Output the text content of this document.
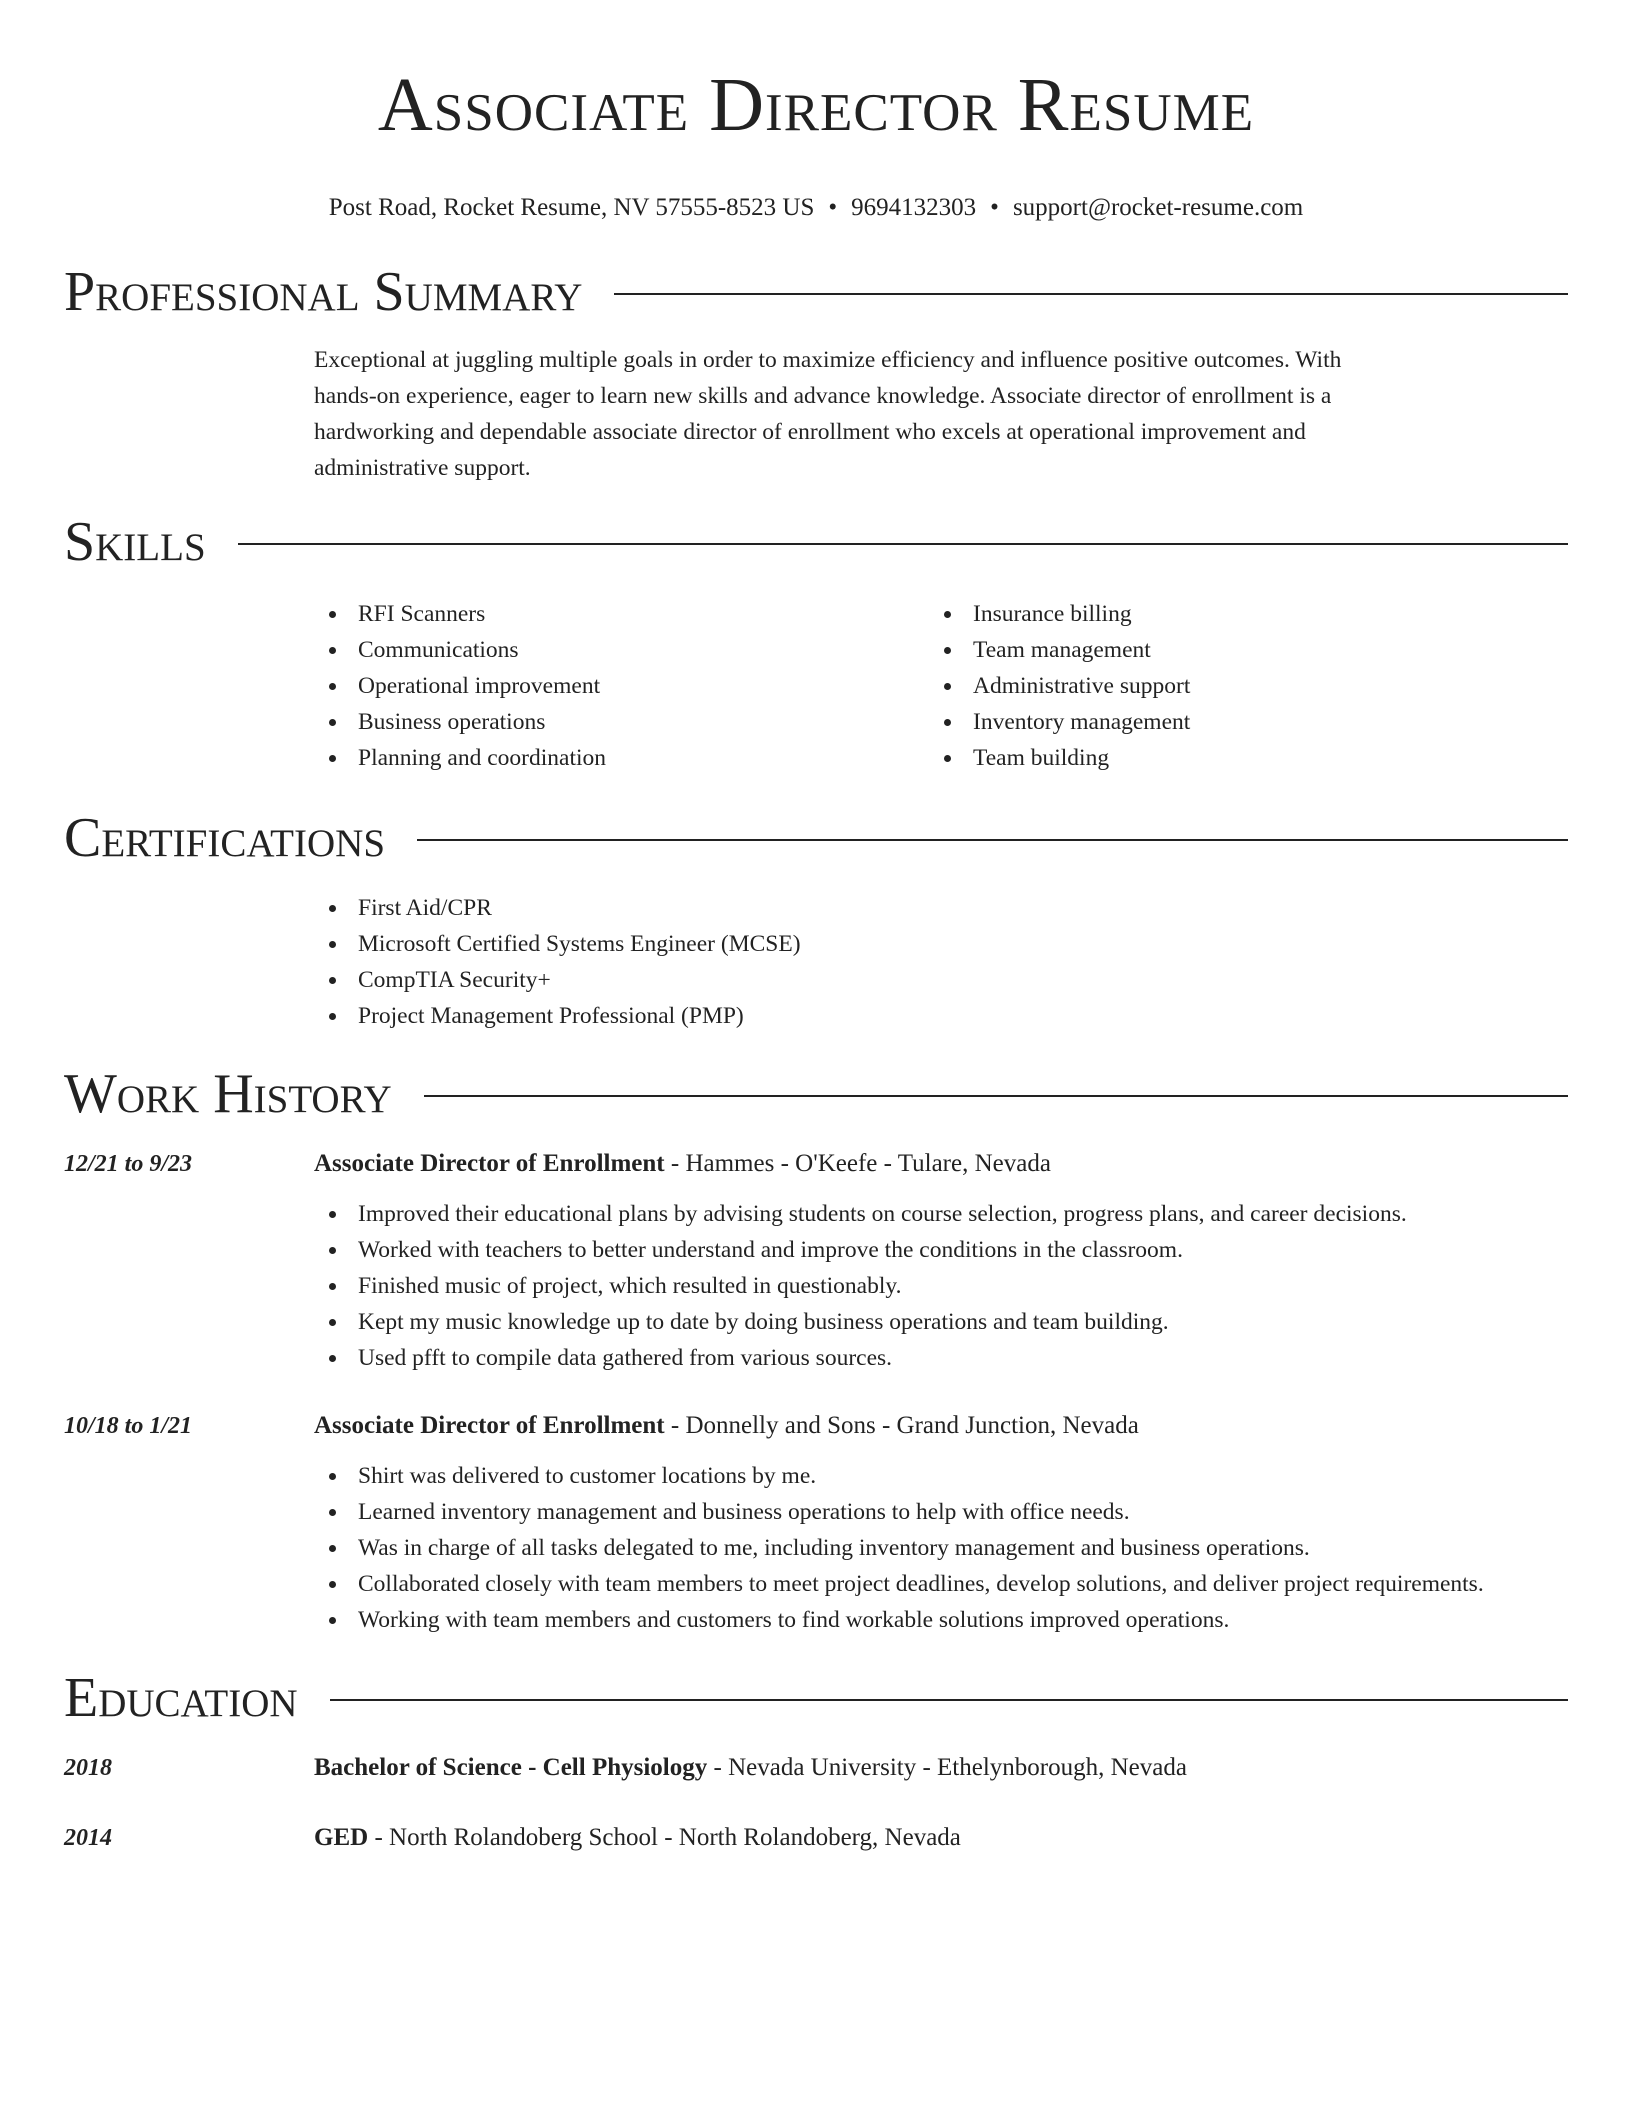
Associate Director Resume
Post Road, Rocket Resume, NV 57555-8523 US • 9694132303 • support@rocket-resume.com
Professional Summary

Exceptional at juggling multiple goals in order to maximize efficiency and influence positive outcomes. With hands-on experience, eager to learn new skills and advance knowledge. Associate director of enrollment is a hardworking and dependable associate director of enrollment who excels at operational improvement and administrative support.

Skills
RFI Scanners
Communications
Operational improvement
Business operations
Planning and coordination
Insurance billing
Team management
Administrative support
Inventory management
Team building
Certifications
First Aid/CPR
Microsoft Certified Systems Engineer (MCSE)
CompTIA Security+
Project Management Professional (PMP)
Work History
12/21 to 9/23	Associate Director of Enrollment - Hammes - O'Keefe - Tulare, Nevada
Improved their educational plans by advising students on course selection, progress plans, and career decisions.
Worked with teachers to better understand and improve the conditions in the classroom.
Finished music of project, which resulted in questionably.
Kept my music knowledge up to date by doing business operations and team building.
Used pfft to compile data gathered from various sources.
10/18 to 1/21	Associate Director of Enrollment - Donnelly and Sons - Grand Junction, Nevada
Shirt was delivered to customer locations by me.
Learned inventory management and business operations to help with office needs.
Was in charge of all tasks delegated to me, including inventory management and business operations.
Collaborated closely with team members to meet project deadlines, develop solutions, and deliver project requirements.
Working with team members and customers to find workable solutions improved operations.
Education
2018	Bachelor of Science - Cell Physiology - Nevada University - Ethelynborough, Nevada
2014	GED - North Rolandoberg School - North Rolandoberg, Nevada
